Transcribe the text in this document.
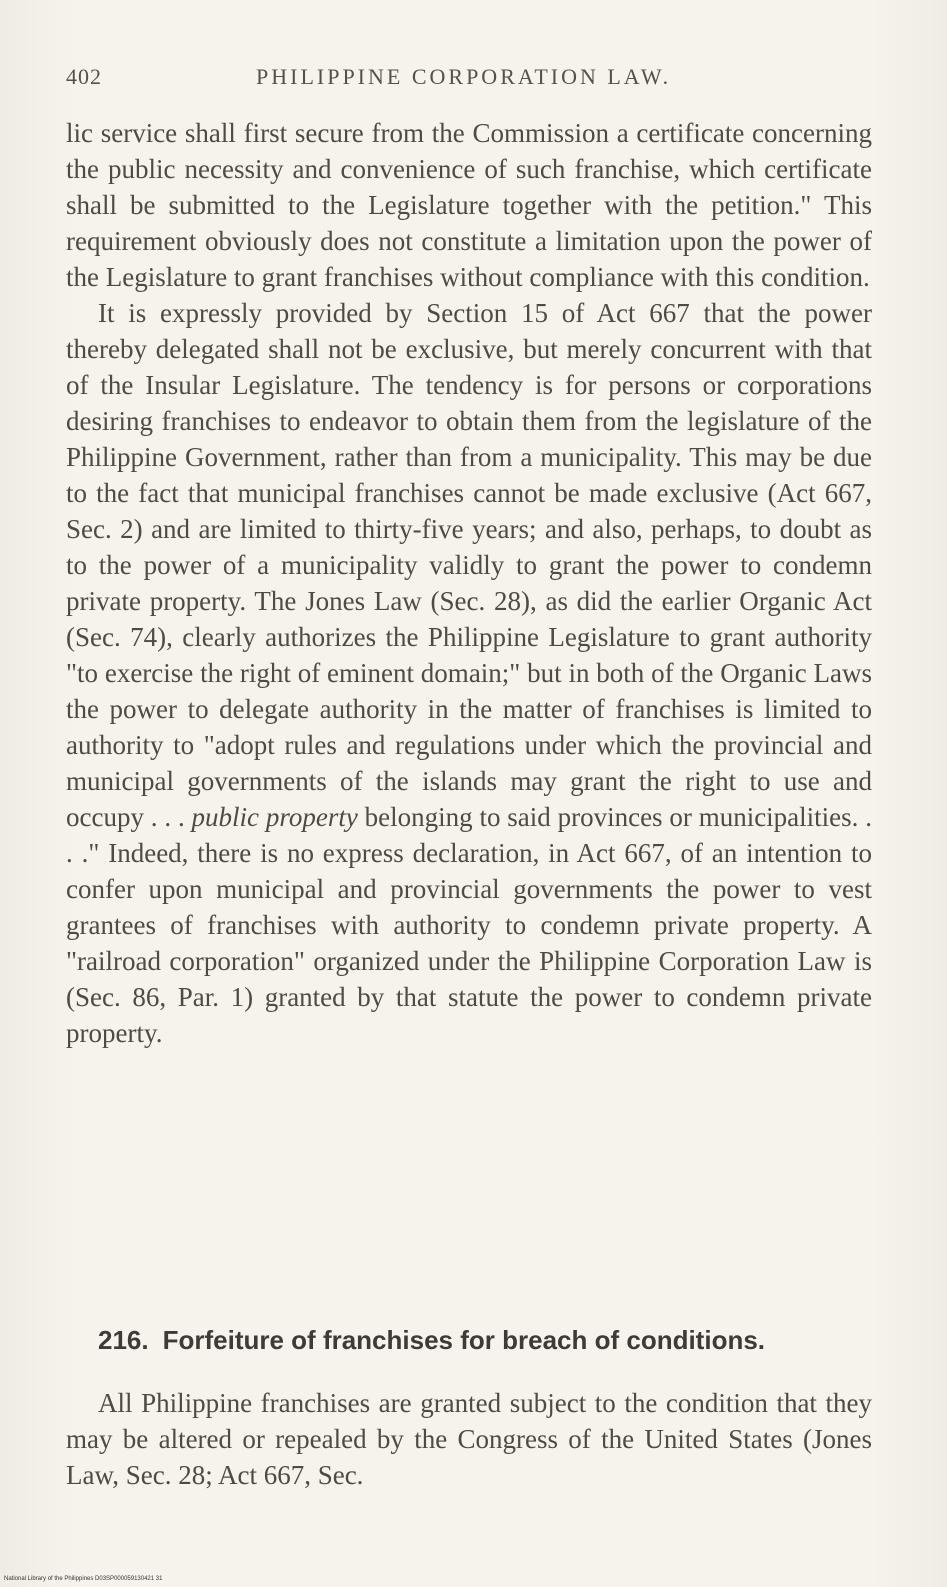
402	PHILIPPINE CORPORATION LAW.

lic service shall first secure from the Commission a certificate concerning the public necessity and convenience of such franchise, which certificate shall be submitted to the Legislature together with the petition." This requirement obviously does not constitute a limitation upon the power of the Legislature to grant franchises without compliance with this condition.

It is expressly provided by Section 15 of Act 667 that the power thereby delegated shall not be exclusive, but merely concurrent with that of the Insular Legislature. The tendency is for persons or corporations desiring franchises to endeavor to obtain them from the legislature of the Philippine Government, rather than from a municipality. This may be due to the fact that municipal franchises cannot be made exclusive (Act 667, Sec. 2) and are limited to thirty-five years; and also, perhaps, to doubt as to the power of a municipality validly to grant the power to condemn private property. The Jones Law (Sec. 28), as did the earlier Organic Act (Sec. 74), clearly authorizes the Philippine Legislature to grant authority "to exercise the right of eminent domain;" but in both of the Organic Laws the power to delegate authority in the matter of franchises is limited to authority to "adopt rules and regulations under which the provincial and municipal governments of the islands may grant the right to use and occupy . . . public property belonging to said provinces or municipalities. . . ." Indeed, there is no express declaration, in Act 667, of an intention to confer upon municipal and provincial governments the power to vest grantees of franchises with authority to condemn private property. A "railroad corporation" organized under the Philippine Corporation Law is (Sec. 86, Par. 1) granted by that statute the power to condemn private property.

216. Forfeiture of franchises for breach of conditions.

All Philippine franchises are granted subject to the condition that they may be altered or repealed by the Congress of the United States (Jones Law, Sec. 28; Act 667, Sec.

National Library of the Philippines D03SP000059130421 31
